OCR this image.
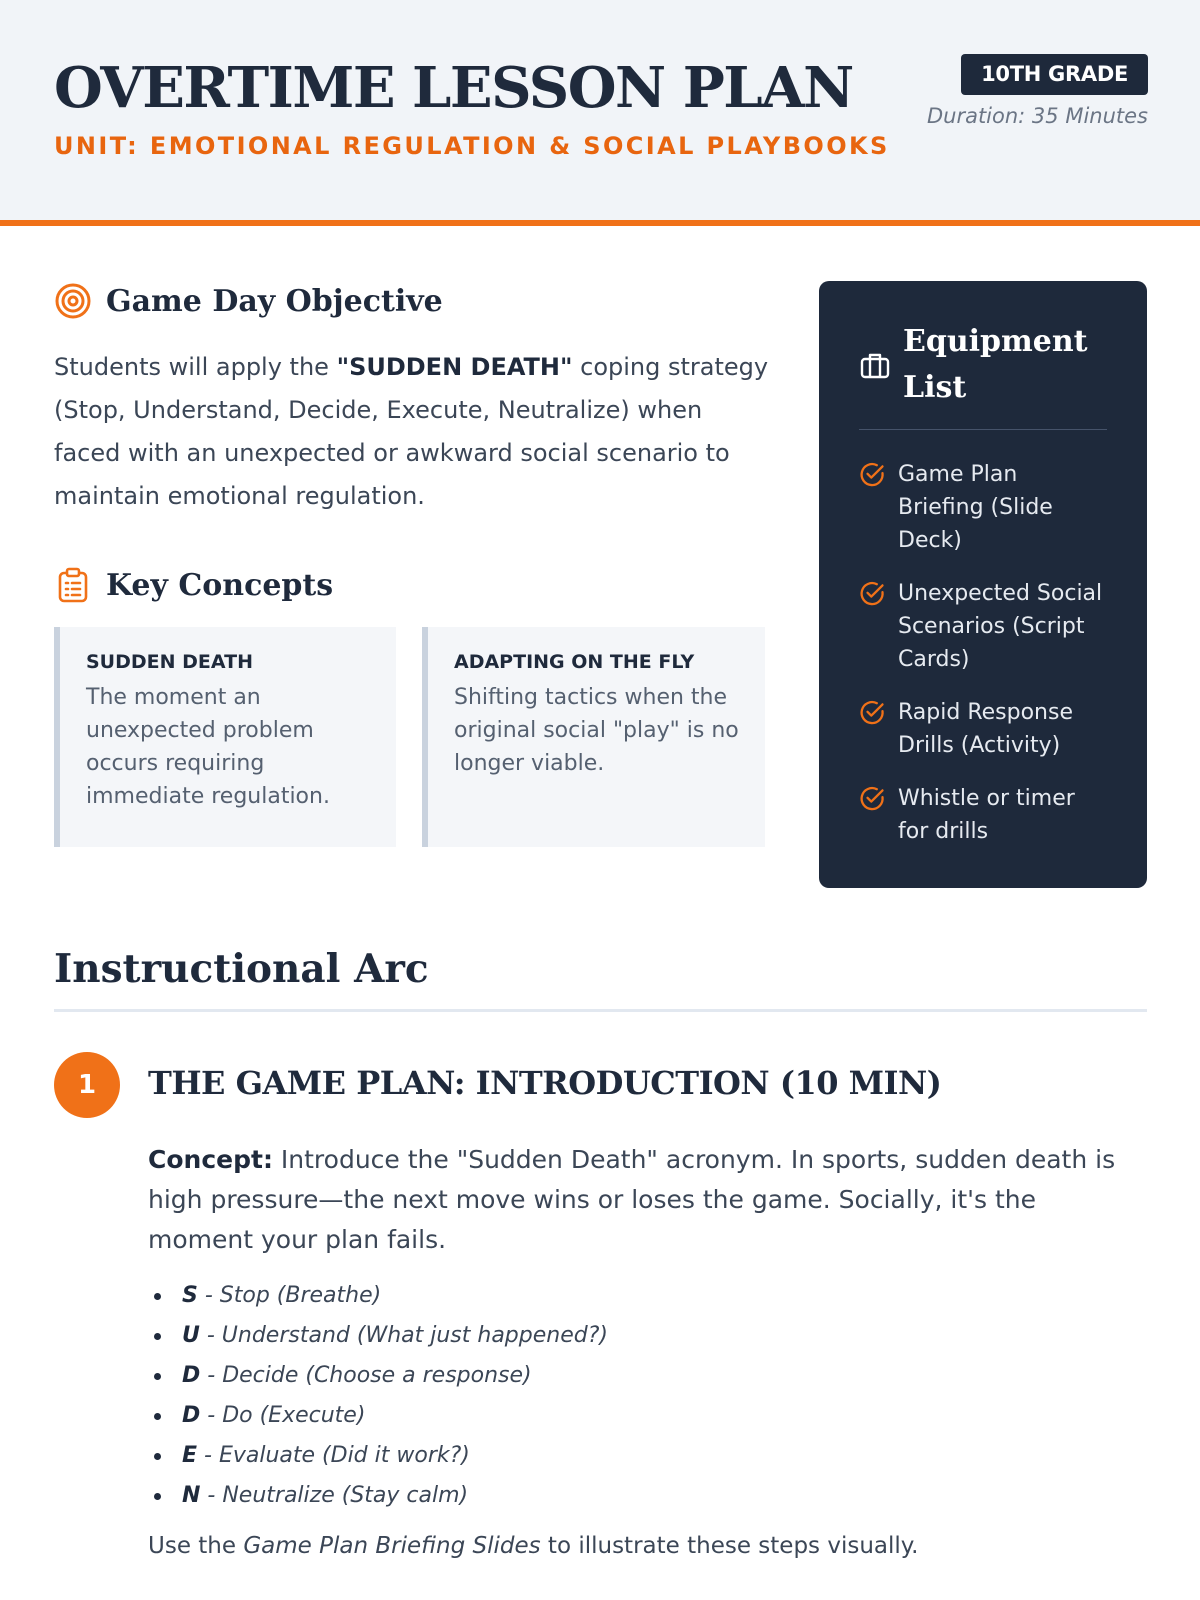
OVERTIME LESSON PLAN
UNIT: EMOTIONAL REGULATION & SOCIAL PLAYBOOKS
10TH GRADE
Duration: 35 Minutes
Game Day Objective

Students will apply the "SUDDEN DEATH" coping strategy (Stop, Understand, Decide, Execute, Neutralize) when faced with an unexpected or awkward social scenario to maintain emotional regulation.

Key Concepts
SUDDEN DEATH
The moment an unexpected problem occurs requiring immediate regulation.
ADAPTING ON THE FLY
Shifting tactics when the original social "play" is no longer viable.
Equipment List
Game Plan Briefing (Slide Deck)
Unexpected Social Scenarios (Script Cards)
Rapid Response Drills (Activity)
Whistle or timer for drills
Instructional Arc
1	THE GAME PLAN: INTRODUCTION (10 MIN)

Concept: Introduce the "Sudden Death" acronym. In sports, sudden death is high pressure—the next move wins or loses the game. Socially, it's the moment your plan fails.

S - Stop (Breathe)
U - Understand (What just happened?)
D - Decide (Choose a response)
D - Do (Execute)
E - Evaluate (Did it work?)
N - Neutralize (Stay calm)

Use the Game Plan Briefing Slides to illustrate these steps visually.
